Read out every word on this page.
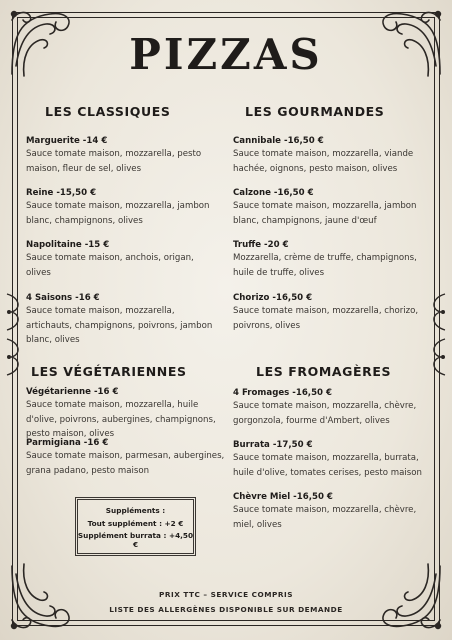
PIZZAS
LES CLASSIQUES
Marguerite -14 €
Sauce tomate maison, mozzarella, pesto
maison, fleur de sel, olives
Reine -15,50 €
Sauce tomate maison, mozzarella, jambon
blanc, champignons, olives
Napolitaine -15 €
Sauce tomate maison, anchois, origan,
olives
4 Saisons -16 €
Sauce tomate maison, mozzarella,
artichauts, champignons, poivrons, jambon
blanc, olives
LES GOURMANDES
Cannibale -16,50 €
Sauce tomate maison, mozzarella, viande
hachée, oignons, pesto maison, olives
Calzone -16,50 €
Sauce tomate maison, mozzarella, jambon
blanc, champignons, jaune d'œuf
Truffe -20 €
Mozzarella, crème de truffe, champignons,
huile de truffe, olives
Chorizo -16,50 €
Sauce tomate maison, mozzarella, chorizo,
poivrons, olives
LES VÉGÉTARIENNES
Végétarienne -16 €
Sauce tomate maison, mozzarella, huile
d'olive, poivrons, aubergines, champignons,
pesto maison, olives
Parmigiana -16 €
Sauce tomate maison, parmesan, aubergines,
grana padano, pesto maison
LES FROMAGÈRES
4 Fromages -16,50 €
Sauce tomate maison, mozzarella, chèvre,
gorgonzola, fourme d'Ambert, olives
Burrata -17,50 €
Sauce tomate maison, mozzarella, burrata,
huile d'olive, tomates cerises, pesto maison
Chèvre Miel -16,50 €
Sauce tomate maison, mozzarella, chèvre,
miel, olives
Suppléments :
Tout supplément : +2 €
Supplément burrata : +4,50 €
PRIX TTC – SERVICE COMPRIS
LISTE DES ALLERGÈNES DISPONIBLE SUR DEMANDE
